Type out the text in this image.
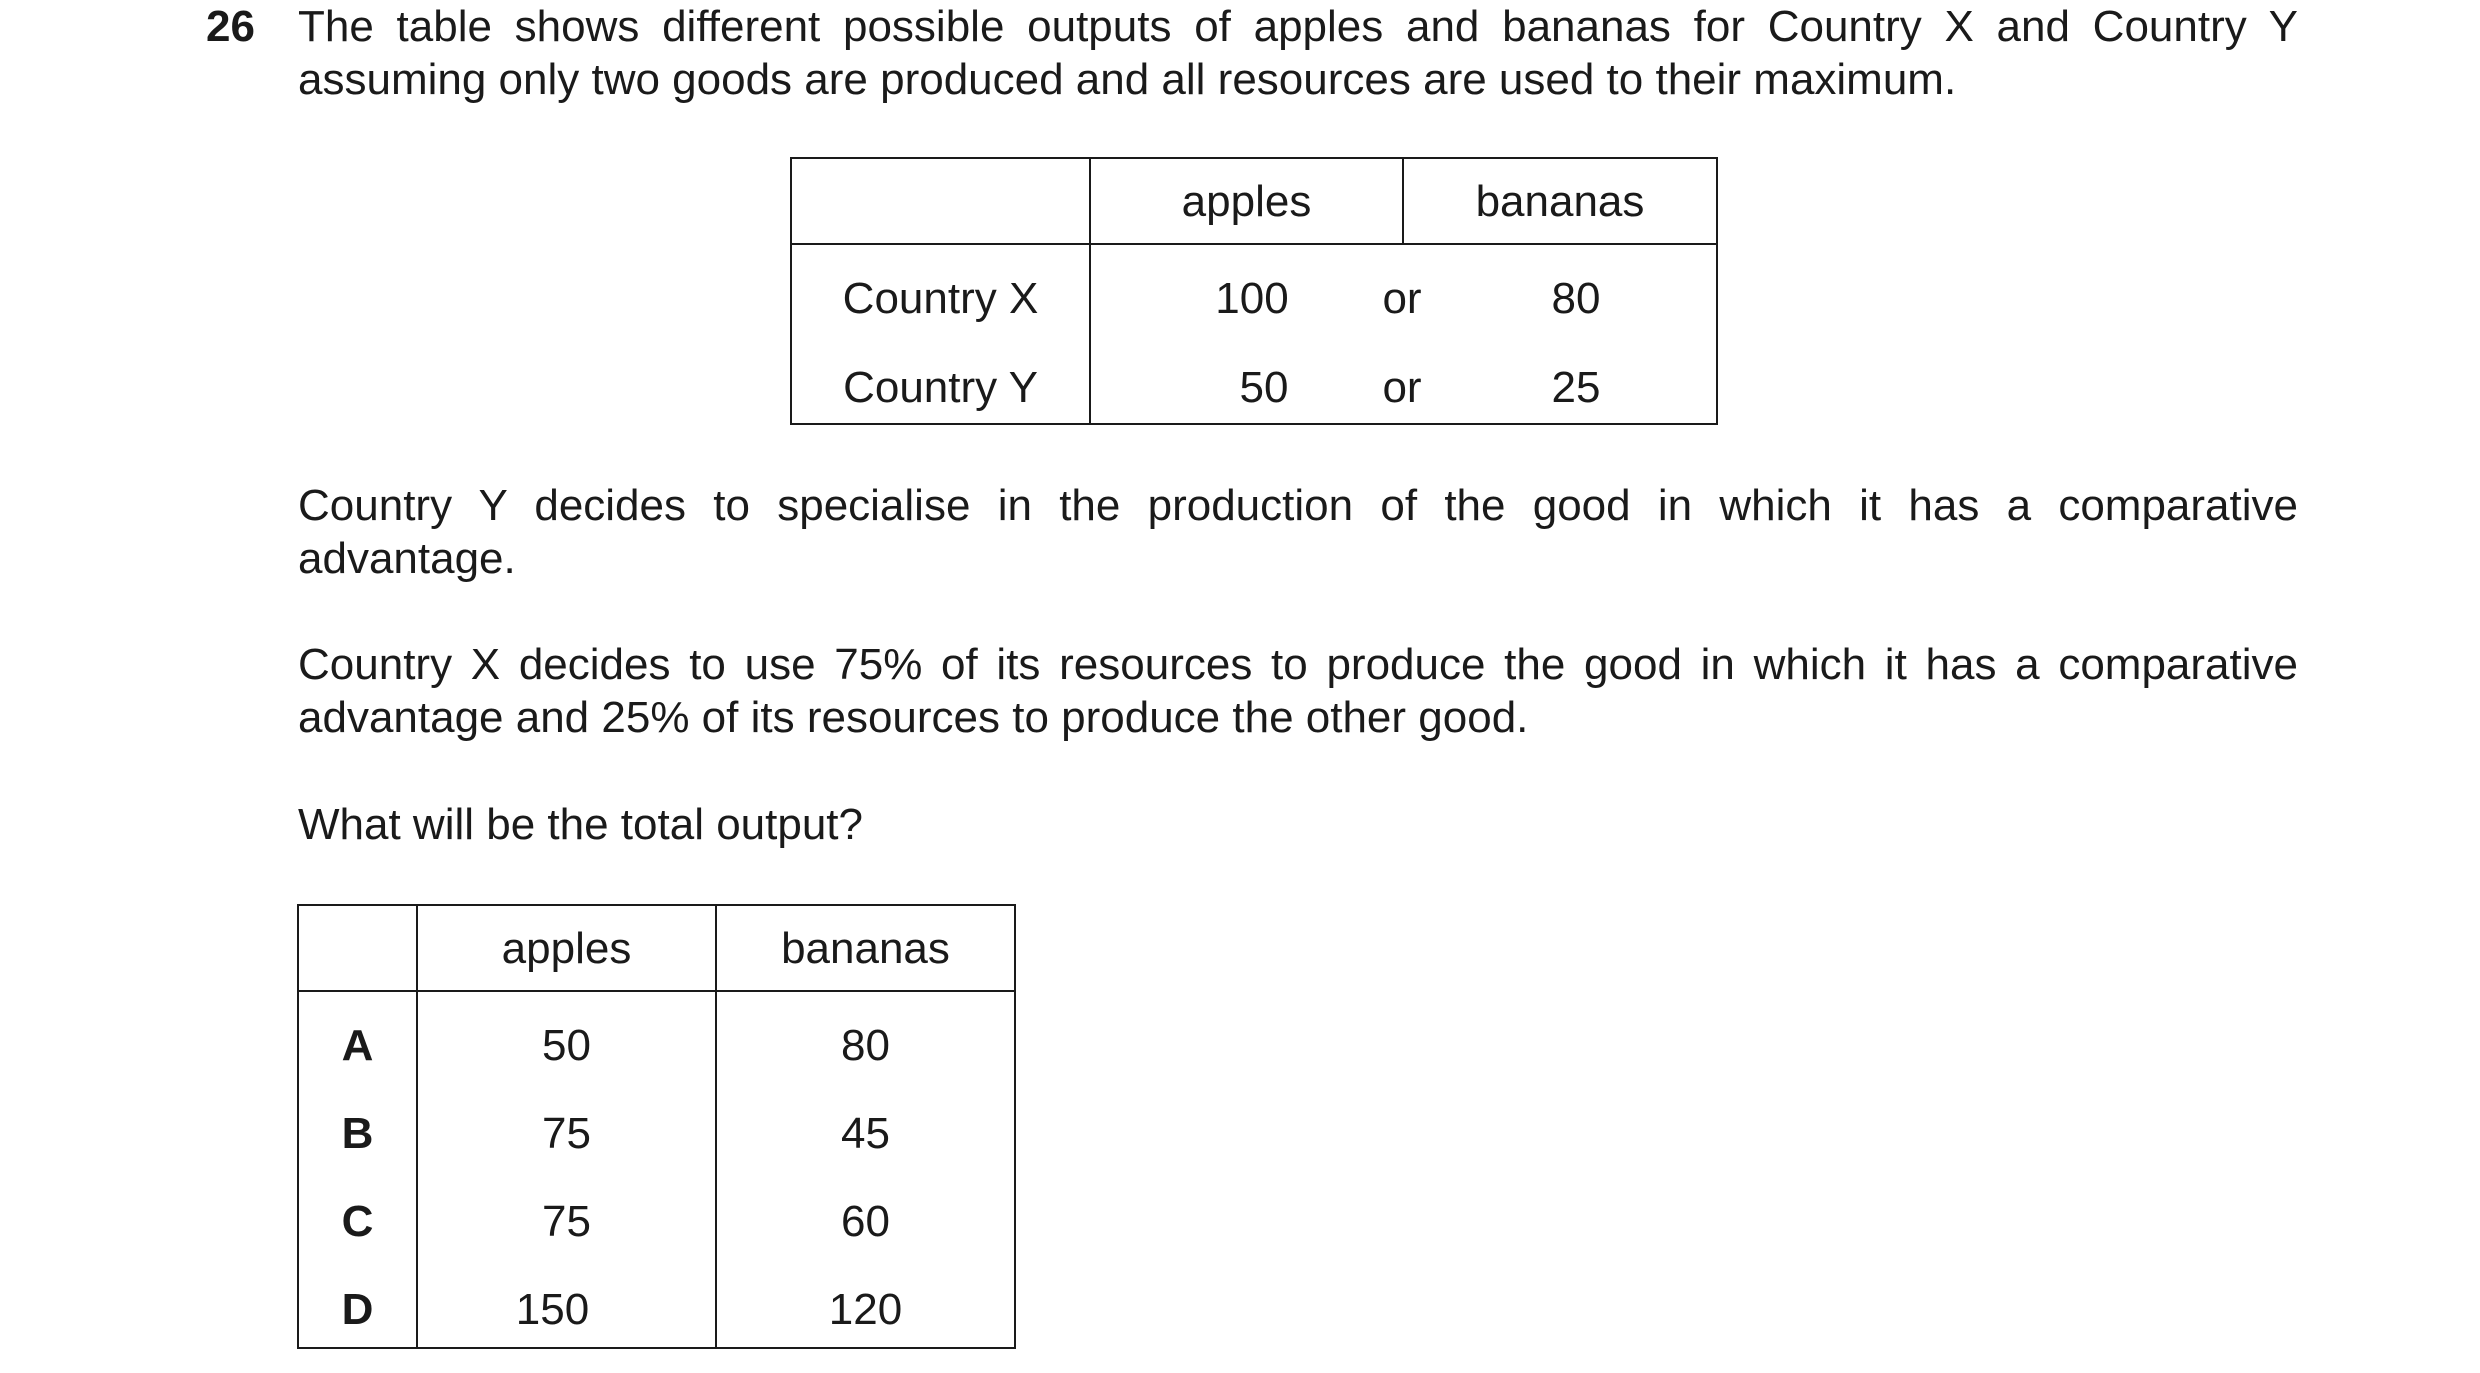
26 The table shows different possible outputs of apples and bananas for Country X and Country Y
assuming only two goods are produced and all resources are used to their maximum.
apples	bananas
Country X	100	or	80
Country Y	50	or	25
Country Y decides to specialise in the production of the good in which it has a comparative
advantage.
Country X decides to use 75% of its resources to produce the good in which it has a comparative
advantage and 25% of its resources to produce the other good.
What will be the total output?
apples	bananas
A	50	80
B	75	45
C	75	60
D	150	120
